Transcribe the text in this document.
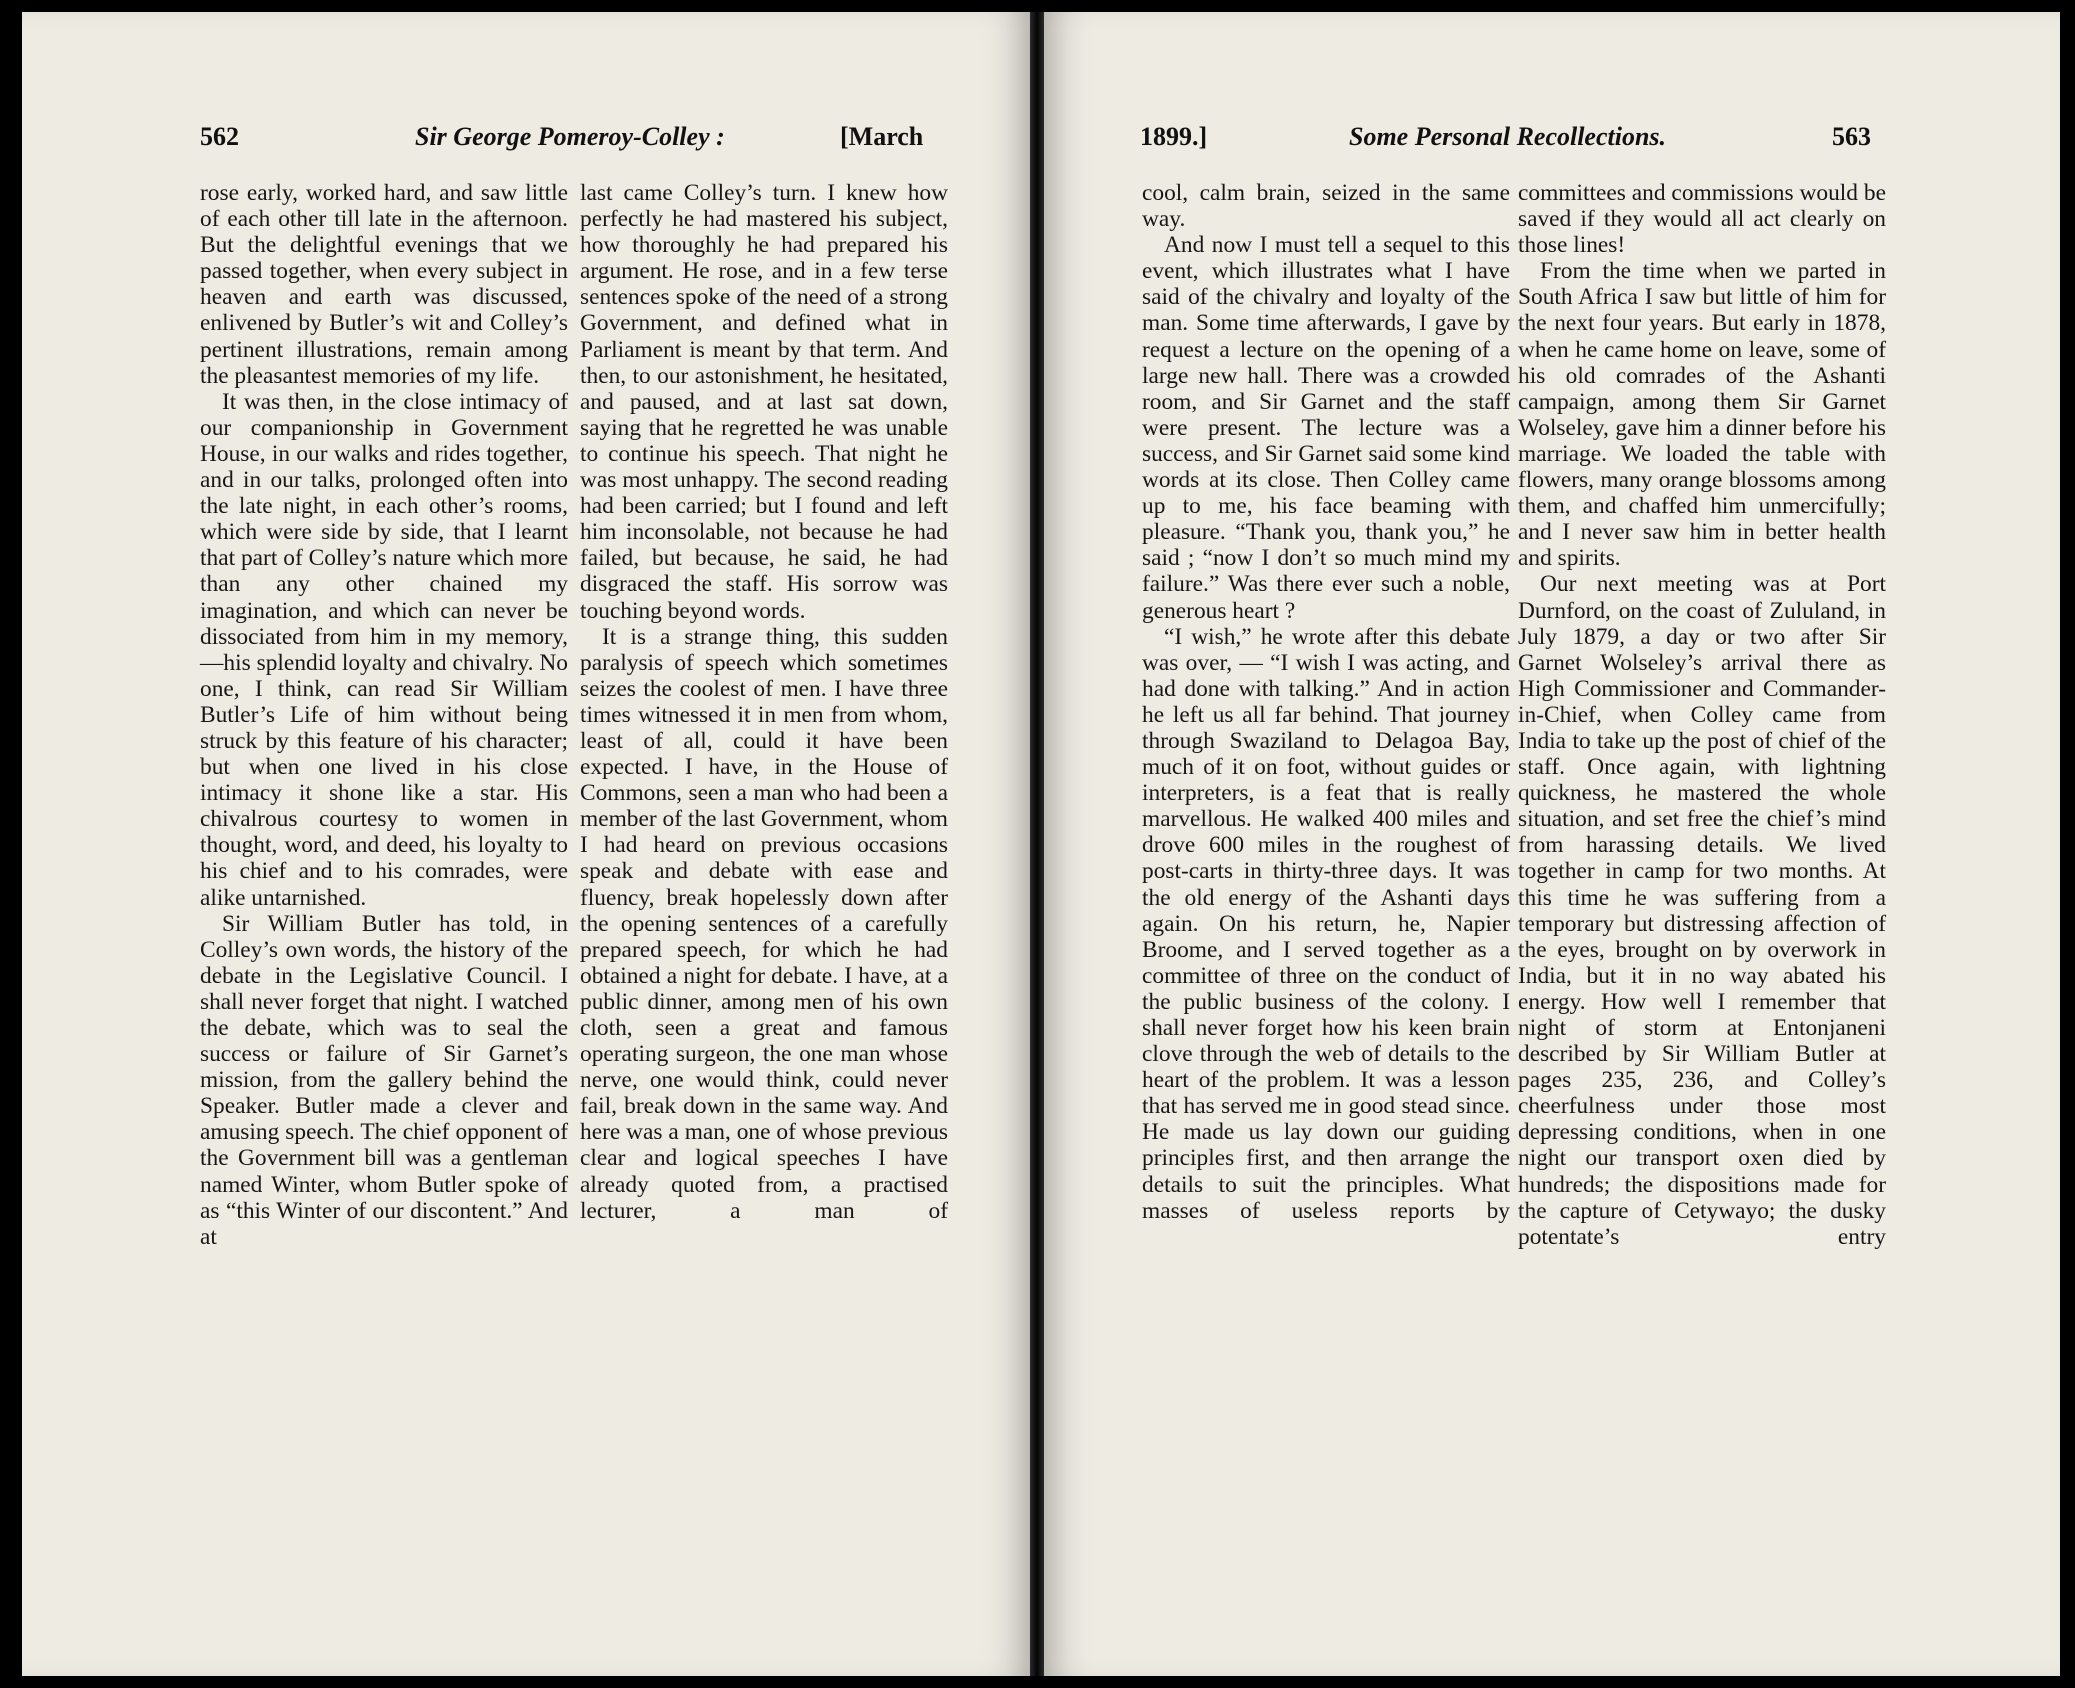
562	Sir George Pomeroy-Colley :	[March

rose early, worked hard, and saw little of each other till late in the afternoon. But the delightful evenings that we passed together, when every subject in heaven and earth was discussed, enlivened by Butler’s wit and Colley’s pertinent illustrations, remain among the pleasantest memories of my life.

It was then, in the close intimacy of our companionship in Government House, in our walks and rides together, and in our talks, prolonged often into the late night, in each other’s rooms, which were side by side, that I learnt that part of Colley’s nature which more than any other chained my imagination, and which can never be dissociated from him in my memory, —his splendid loyalty and chivalry. No one, I think, can read Sir William Butler’s Life of him without being struck by this feature of his character; but when one lived in his close intimacy it shone like a star. His chivalrous courtesy to women in thought, word, and deed, his loyalty to his chief and to his comrades, were alike untarnished.

Sir William Butler has told, in Colley’s own words, the history of the debate in the Legislative Council. I shall never forget that night. I watched the debate, which was to seal the success or failure of Sir Garnet’s mission, from the gallery behind the Speaker. Butler made a clever and amusing speech. The chief opponent of the Government bill was a gentleman named Winter, whom Butler spoke of as “this Winter of our discontent.” And at

last came Colley’s turn. I knew how perfectly he had mastered his subject, how thoroughly he had prepared his argument. He rose, and in a few terse sentences spoke of the need of a strong Government, and defined what in Parliament is meant by that term. And then, to our astonishment, he hesitated, and paused, and at last sat down, saying that he regretted he was unable to continue his speech. That night he was most unhappy. The second reading had been carried; but I found and left him inconsolable, not because he had failed, but because, he said, he had disgraced the staff. His sorrow was touching beyond words.

It is a strange thing, this sudden paralysis of speech which sometimes seizes the coolest of men. I have three times witnessed it in men from whom, least of all, could it have been expected. I have, in the House of Commons, seen a man who had been a member of the last Government, whom I had heard on previous occasions speak and debate with ease and fluency, break hopelessly down after the opening sentences of a carefully prepared speech, for which he had obtained a night for debate. I have, at a public dinner, among men of his own cloth, seen a great and famous operating surgeon, the one man whose nerve, one would think, could never fail, break down in the same way. And here was a man, one of whose previous clear and logical speeches I have already quoted from, a practised lecturer, a man of

1899.]	Some Personal Recollections.	563

cool, calm brain, seized in the same way.

And now I must tell a sequel to this event, which illustrates what I have said of the chivalry and loyalty of the man. Some time afterwards, I gave by request a lecture on the opening of a large new hall. There was a crowded room, and Sir Garnet and the staff were present. The lecture was a success, and Sir Garnet said some kind words at its close. Then Colley came up to me, his face beaming with pleasure. “Thank you, thank you,” he said ; “now I don’t so much mind my failure.” Was there ever such a noble, generous heart ?

“I wish,” he wrote after this debate was over, — “I wish I was acting, and had done with talking.” And in action he left us all far behind. That journey through Swaziland to Delagoa Bay, much of it on foot, without guides or interpreters, is a feat that is really marvellous. He walked 400 miles and drove 600 miles in the roughest of post-carts in thirty-three days. It was the old energy of the Ashanti days again. On his return, he, Napier Broome, and I served together as a committee of three on the conduct of the public business of the colony. I shall never forget how his keen brain clove through the web of details to the heart of the problem. It was a lesson that has served me in good stead since. He made us lay down our guiding principles first, and then arrange the details to suit the principles. What masses of useless reports by

committees and commissions would be saved if they would all act clearly on those lines!

From the time when we parted in South Africa I saw but little of him for the next four years. But early in 1878, when he came home on leave, some of his old comrades of the Ashanti campaign, among them Sir Garnet Wolseley, gave him a dinner before his marriage. We loaded the table with flowers, many orange blossoms among them, and chaffed him unmercifully; and I never saw him in better health and spirits.

Our next meeting was at Port Durnford, on the coast of Zululand, in July 1879, a day or two after Sir Garnet Wolseley’s arrival there as High Commissioner and Commander-in-Chief, when Colley came from India to take up the post of chief of the staff. Once again, with lightning quickness, he mastered the whole situation, and set free the chief’s mind from harassing details. We lived together in camp for two months. At this time he was suffering from a temporary but distressing affection of the eyes, brought on by overwork in India, but it in no way abated his energy. How well I remember that night of storm at Entonjaneni described by Sir William Butler at pages 235, 236, and Colley’s cheerfulness under those most depressing conditions, when in one night our transport oxen died by hundreds; the dispositions made for the capture of Cetywayo; the dusky potentate’s entry
